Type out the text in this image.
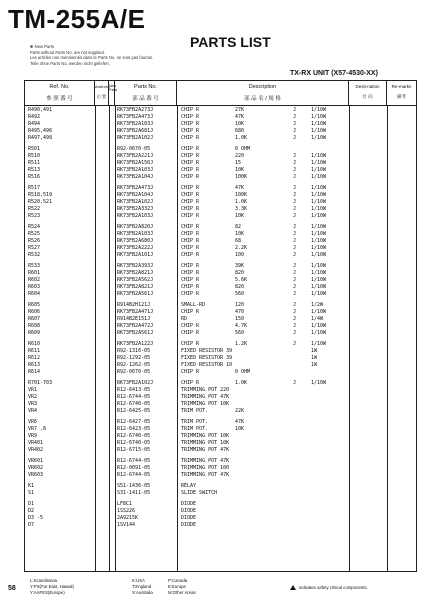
TM-255A/E
PARTS LIST
✱ New Parts
Parts without Parts No. are not supplied.
Les articles non mentionnés dans le Parts No. ne sont pas fournis.
Teile ohne Parts No. werden nicht geliefert.
TX-RX UNIT (X57-4530-XX)
Ref. No.
参 照 番 号
Address
位 置
New Parts	Parts No.
部 品 番 号
Description
部 品 名 / 規 格
Desti-nation
仕 向
Re-marks
備考
R490,491	RK73FB2A273J	CHIP R	27K	J	1/10W
R492	RK73FB2A473J	CHIP R	47K	J	1/10W
R494	RK73FB2A103J	CHIP R	10K	J	1/10W
R495,496	RK73FB2A681J	CHIP R	680	J	1/10W
R497,498	RK73FB2A102J	CHIP R	1.0K	J	1/10W
R501	R92-0670-05	CHIP R	0 OHM
R510	RK73FB2A221J	CHIP R	220	J	1/10W
R511	RK73FB2A150J	CHIP R	15	J	1/10W
R513	RK73FB2A103J	CHIP R	10K	J	1/10W
R516	RK73FB2A104J	CHIP R	100K	J	1/10W
R517	RK73FB2A473J	CHIP R	47K	J	1/10W
R518,519	RK73FB2A104J	CHIP R	100K	J	1/10W
R520,521	RK73FB2A102J	CHIP R	1.0K	J	1/10W
R522	RK73FB2A332J	CHIP R	3.3K	J	1/10W
R523	RK73FB2A103J	CHIP R	10K	J	1/10W
R524	RK73FB2A820J	CHIP R	82	J	1/10W
R525	RK73FB2A103J	CHIP R	10K	J	1/10W
R526	RK73FB2A680J	CHIP R	68	J	1/10W
R527	RK73FB2A222J	CHIP R	2.2K	J	1/10W
R532	RK73FB2A101J	CHIP R	100	J	1/10W
R533	RK73FB2A393J	CHIP R	39K	J	1/10W
R601	RK73FB2A821J	CHIP R	820	J	1/10W
R602	RK73FB2A562J	CHIP R	5.6K	J	1/10W
R603	RK73FB2A821J	CHIP R	820	J	1/10W
R604	RK73FB2A561J	CHIP R	560	J	1/10W
R605	R914B2H121J	SMALL-RD	120	J	1/2W
R606	RK73FB2A471J	CHIP R	470	J	1/10W
R607	R914B2E151J	RD	150	J	1/4W
R608	RK73FB2A472J	CHIP R	4.7K	J	1/10W
R609	RK73FB2A561J	CHIP R	560	J	1/10W
R610	RK73FB2A122J	CHIP R	1.2K	J	1/10W
R611	R92-1316-05	FIXED RESISTOR 39	1W
R612	R92-1292-05	FIXED RESISTOR 39	1W
R613	R92-1262-05	FIXED RESISTOR 10	1W
R614	R92-0670-05	CHIP R	0 OHM
R701-703	RK73FB2A102J	CHIP R	1.0K	J	1/10W
VR1	R12-6413-05	TRIMMING POT 220
VR2	R12-6744-05	TRIMMING POT 47K
VR3	R12-6740-05	TRIMMING POT 10K
VR4	R12-6425-05	TRIM POT.	22K
VR6	R12-6427-05	TRIM POT.	47K
VR7 ,8	R12-6423-05	TRIM POT.	10K
VR9	R12-6740-05	TRIMMING POT 10K
VR401	R12-6740-05	TRIMMING POT 10K
VR402	R12-6715-05	TRIMMING POT 47K
VR601	R12-6744-05	TRIMMING POT 47K
VR602	R12-0091-05	TRIMMING POT 100
VR603	R12-6744-05	TRIMMING POT 47K
K1	S51-1436-05	RELAY
S1	S31-1411-05	SLIDE SWITCH
D1	LF8C1	DIODE
D2	1SS226	DIODE
D3 -5	2A9215K	DIODE
D7	1SV144	DIODE
L:Scandinavia
Y:PX(Far East, Hawaii)
Y:AAFES(Europe)
K:USA
T:England
X:Australia
P:Canada
E:Europe
M:Other Areas
58	indicates safety critical components.
